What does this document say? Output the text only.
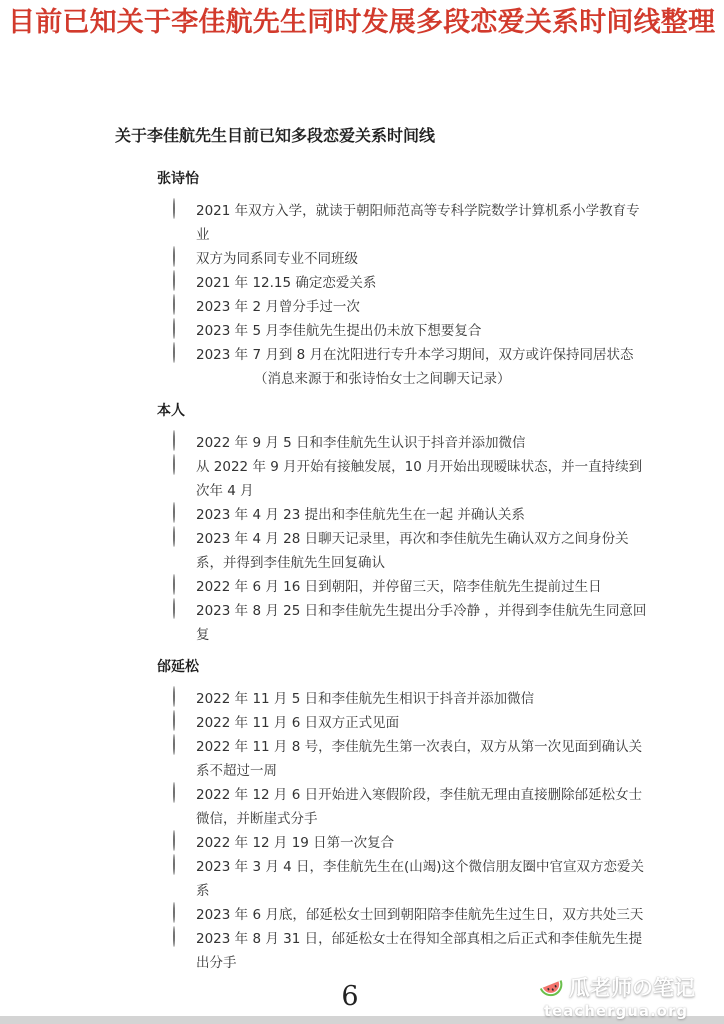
目前已知关于李佳航先生同时发展多段恋爱关系时间线整理
关于李佳航先生目前已知多段恋爱关系时间线
张诗怡
2021 年双方入学，就读于朝阳师范高等专科学院数学计算机系小学教育专业
双方为同系同专业不同班级
2021 年 12.15 确定恋爱关系
2023 年 2 月曾分手过一次
2023 年 5 月李佳航先生提出仍未放下想要复合
2023 年 7 月到 8 月在沈阳进行专升本学习期间，双方或许保持同居状态
（消息来源于和张诗怡女士之间聊天记录）
本人
2022 年 9 月 5 日和李佳航先生认识于抖音并添加微信
从 2022 年 9 月开始有接触发展，10 月开始出现暧昧状态，并一直持续到次年 4 月
2023 年 4 月 23 提出和李佳航先生在一起 并确认关系
2023 年 4 月 28 日聊天记录里，再次和李佳航先生确认双方之间身份关系，并得到李佳航先生回复确认
2022 年 6 月 16 日到朝阳，并停留三天，陪李佳航先生提前过生日
2023 年 8 月 25 日和李佳航先生提出分手冷静 ，并得到李佳航先生同意回复
邰延松
2022 年 11 月 5 日和李佳航先生相识于抖音并添加微信
2022 年 11 月 6 日双方正式见面
2022 年 11 月 8 号，李佳航先生第一次表白，双方从第一次见面到确认关系不超过一周
2022 年 12 月 6 日开始进入寒假阶段，李佳航无理由直接删除邰延松女士微信，并断崖式分手
2022 年 12 月 19 日第一次复合
2023 年 3 月 4 日，李佳航先生在(山竭)这个微信朋友圈中官宣双方恋爱关系
2023 年 6 月底，邰延松女士回到朝阳陪李佳航先生过生日，双方共处三天
2023 年 8 月 31 日，邰延松女士在得知全部真相之后正式和李佳航先生提出分手
6	瓜老师の笔记
teachergua.org
